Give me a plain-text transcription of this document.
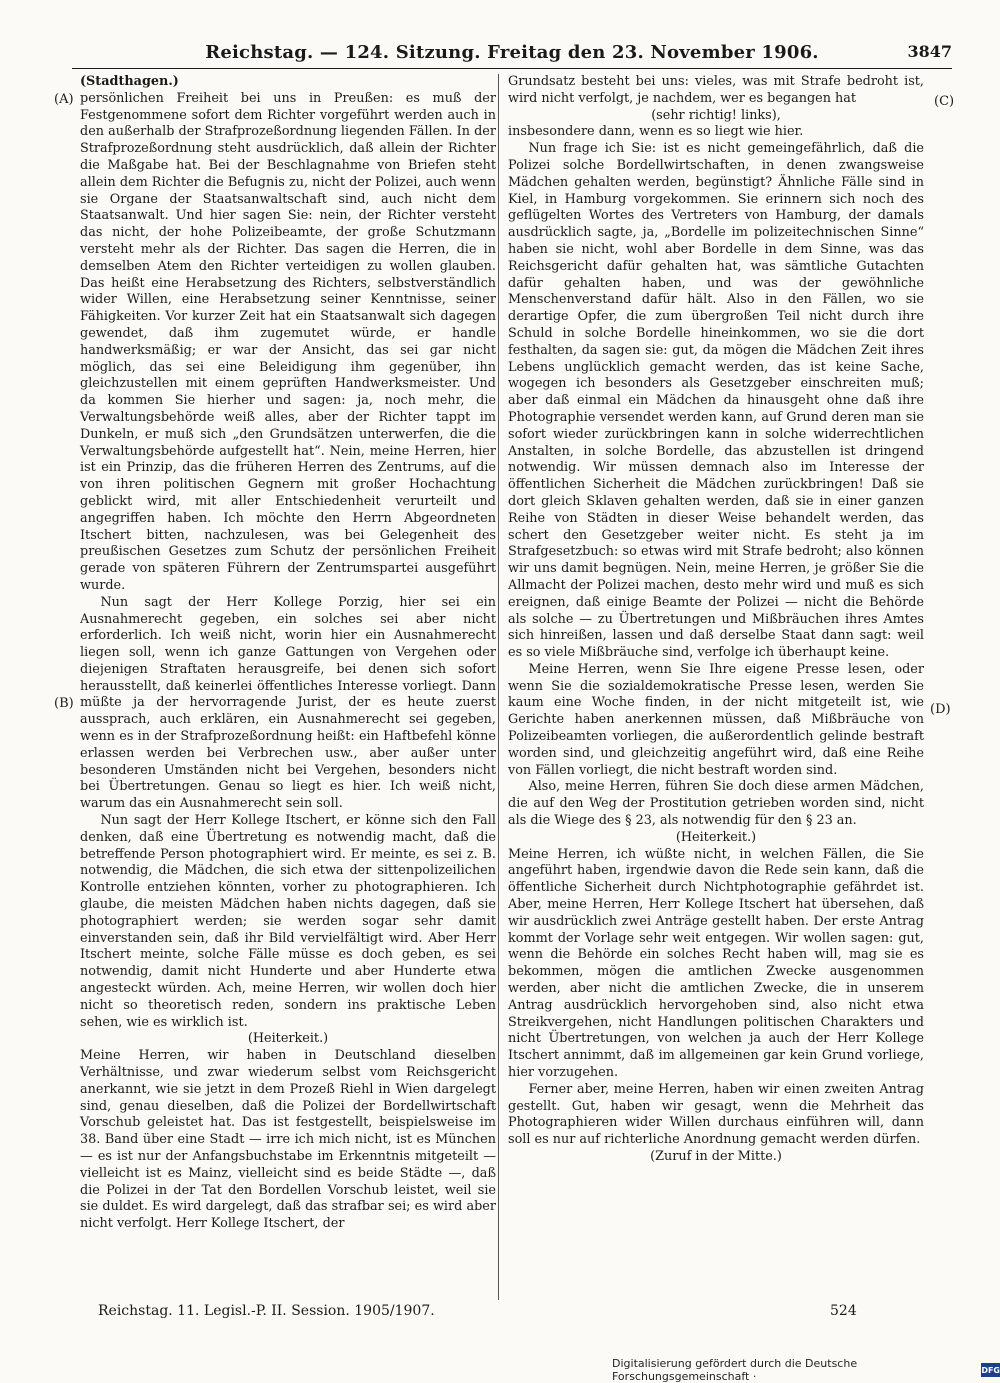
Reichstag. — 124. Sitzung. Freitag den 23. November 1906.	3847
(A)
(B)
(C)
(D)

(Stadthagen.)

persönlichen Freiheit bei uns in Preußen: es muß der Festgenommene sofort dem Richter vorgeführt werden auch in den außerhalb der Strafprozeßordnung liegenden Fällen. In der Strafprozeßordnung steht ausdrücklich, daß allein der Richter die Maßgabe hat. Bei der Beschlagnahme von Briefen steht allein dem Richter die Befugnis zu, nicht der Polizei, auch wenn sie Organe der Staatsanwaltschaft sind, auch nicht dem Staatsanwalt. Und hier sagen Sie: nein, der Richter versteht das nicht, der hohe Polizeibeamte, der große Schutzmann versteht mehr als der Richter. Das sagen die Herren, die in demselben Atem den Richter verteidigen zu wollen glauben. Das heißt eine Herabsetzung des Richters, selbstverständlich wider Willen, eine Herabsetzung seiner Kenntnisse, seiner Fähigkeiten. Vor kurzer Zeit hat ein Staatsanwalt sich dagegen gewendet, daß ihm zugemutet würde, er handle handwerksmäßig; er war der Ansicht, das sei gar nicht möglich, das sei eine Beleidigung ihm gegenüber, ihn gleichzustellen mit einem geprüften Handwerksmeister. Und da kommen Sie hierher und sagen: ja, noch mehr, die Verwaltungsbehörde weiß alles, aber der Richter tappt im Dunkeln, er muß sich „den Grundsätzen unterwerfen, die die Verwaltungsbehörde aufgestellt hat“. Nein, meine Herren, hier ist ein Prinzip, das die früheren Herren des Zentrums, auf die von ihren politischen Gegnern mit großer Hochachtung geblickt wird, mit aller Entschiedenheit verurteilt und angegriffen haben. Ich möchte den Herrn Abgeordneten Itschert bitten, nachzulesen, was bei Gelegenheit des preußischen Gesetzes zum Schutz der persönlichen Freiheit gerade von späteren Führern der Zentrumspartei ausgeführt wurde.

Nun sagt der Herr Kollege Porzig, hier sei ein Ausnahmerecht gegeben, ein solches sei aber nicht erforderlich. Ich weiß nicht, worin hier ein Ausnahmerecht liegen soll, wenn ich ganze Gattungen von Vergehen oder diejenigen Straftaten herausgreife, bei denen sich sofort herausstellt, daß keinerlei öffentliches Interesse vorliegt. Dann müßte ja der hervorragende Jurist, der es heute zuerst aussprach, auch erklären, ein Ausnahmerecht sei gegeben, wenn es in der Strafprozeßordnung heißt: ein Haftbefehl könne erlassen werden bei Verbrechen usw., aber außer unter besonderen Umständen nicht bei Vergehen, besonders nicht bei Übertretungen. Genau so liegt es hier. Ich weiß nicht, warum das ein Ausnahmerecht sein soll.

Nun sagt der Herr Kollege Itschert, er könne sich den Fall denken, daß eine Übertretung es notwendig macht, daß die betreffende Person photographiert wird. Er meinte, es sei z. B. notwendig, die Mädchen, die sich etwa der sittenpolizeilichen Kontrolle entziehen könnten, vorher zu photographieren. Ich glaube, die meisten Mädchen haben nichts dagegen, daß sie photographiert werden; sie werden sogar sehr damit einverstanden sein, daß ihr Bild vervielfältigt wird. Aber Herr Itschert meinte, solche Fälle müsse es doch geben, es sei notwendig, damit nicht Hunderte und aber Hunderte etwa angesteckt würden. Ach, meine Herren, wir wollen doch hier nicht so theoretisch reden, sondern ins praktische Leben sehen, wie es wirklich ist.

(Heiterkeit.)

Meine Herren, wir haben in Deutschland dieselben Verhältnisse, und zwar wiederum selbst vom Reichsgericht anerkannt, wie sie jetzt in dem Prozeß Riehl in Wien dargelegt sind, genau dieselben, daß die Polizei der Bordellwirtschaft Vorschub geleistet hat. Das ist festgestellt, beispielsweise im 38. Band über eine Stadt — irre ich mich nicht, ist es München — es ist nur der Anfangsbuchstabe im Erkenntnis mitgeteilt — vielleicht ist es Mainz, vielleicht sind es beide Städte —, daß die Polizei in der Tat den Bordellen Vorschub leistet, weil sie sie duldet. Es wird dargelegt, daß das strafbar sei; es wird aber nicht verfolgt. Herr Kollege Itschert, der

Grundsatz besteht bei uns: vieles, was mit Strafe bedroht ist, wird nicht verfolgt, je nachdem, wer es begangen hat

(sehr richtig! links),

insbesondere dann, wenn es so liegt wie hier.

Nun frage ich Sie: ist es nicht gemeingefährlich, daß die Polizei solche Bordellwirtschaften, in denen zwangsweise Mädchen gehalten werden, begünstigt? Ähnliche Fälle sind in Kiel, in Hamburg vorgekommen. Sie erinnern sich noch des geflügelten Wortes des Vertreters von Hamburg, der damals ausdrücklich sagte, ja, „Bordelle im polizeitechnischen Sinne“ haben sie nicht, wohl aber Bordelle in dem Sinne, was das Reichsgericht dafür gehalten hat, was sämtliche Gutachten dafür gehalten haben, und was der gewöhnliche Menschenverstand dafür hält. Also in den Fällen, wo sie derartige Opfer, die zum übergroßen Teil nicht durch ihre Schuld in solche Bordelle hineinkommen, wo sie die dort festhalten, da sagen sie: gut, da mögen die Mädchen Zeit ihres Lebens unglücklich gemacht werden, das ist keine Sache, wogegen ich besonders als Gesetzgeber einschreiten muß; aber daß einmal ein Mädchen da hinausgeht ohne daß ihre Photographie versendet werden kann, auf Grund deren man sie sofort wieder zurückbringen kann in solche widerrechtlichen Anstalten, in solche Bordelle, das abzustellen ist dringend notwendig. Wir müssen demnach also im Interesse der öffentlichen Sicherheit die Mädchen zurückbringen! Daß sie dort gleich Sklaven gehalten werden, daß sie in einer ganzen Reihe von Städten in dieser Weise behandelt werden, das schert den Gesetzgeber weiter nicht. Es steht ja im Strafgesetzbuch: so etwas wird mit Strafe bedroht; also können wir uns damit begnügen. Nein, meine Herren, je größer Sie die Allmacht der Polizei machen, desto mehr wird und muß es sich ereignen, daß einige Beamte der Polizei — nicht die Behörde als solche — zu Übertretungen und Mißbräuchen ihres Amtes sich hinreißen, lassen und daß derselbe Staat dann sagt: weil es so viele Mißbräuche sind, verfolge ich überhaupt keine.

Meine Herren, wenn Sie Ihre eigene Presse lesen, oder wenn Sie die sozialdemokratische Presse lesen, werden Sie kaum eine Woche finden, in der nicht mitgeteilt ist, wie Gerichte haben anerkennen müssen, daß Mißbräuche von Polizeibeamten vorliegen, die außerordentlich gelinde bestraft worden sind, und gleichzeitig angeführt wird, daß eine Reihe von Fällen vorliegt, die nicht bestraft worden sind.

Also, meine Herren, führen Sie doch diese armen Mädchen, die auf den Weg der Prostitution getrieben worden sind, nicht als die Wiege des § 23, als notwendig für den § 23 an.

(Heiterkeit.)

Meine Herren, ich wüßte nicht, in welchen Fällen, die Sie angeführt haben, irgendwie davon die Rede sein kann, daß die öffentliche Sicherheit durch Nichtphotographie gefährdet ist. Aber, meine Herren, Herr Kollege Itschert hat übersehen, daß wir ausdrücklich zwei Anträge gestellt haben. Der erste Antrag kommt der Vorlage sehr weit entgegen. Wir wollen sagen: gut, wenn die Behörde ein solches Recht haben will, mag sie es bekommen, mögen die amtlichen Zwecke ausgenommen werden, aber nicht die amtlichen Zwecke, die in unserem Antrag ausdrücklich hervorgehoben sind, also nicht etwa Streikvergehen, nicht Handlungen politischen Charakters und nicht Übertretungen, von welchen ja auch der Herr Kollege Itschert annimmt, daß im allgemeinen gar kein Grund vorliege, hier vorzugehen.

Ferner aber, meine Herren, haben wir einen zweiten Antrag gestellt. Gut, haben wir gesagt, wenn die Mehrheit das Photographieren wider Willen durchaus einführen will, dann soll es nur auf richterliche Anordnung gemacht werden dürfen.

(Zuruf in der Mitte.)

Reichstag. 11. Legisl.-P. II. Session. 1905/1907.	524
Digitalisierung gefördert durch die Deutsche Forschungsgemeinschaft ·	DFG
